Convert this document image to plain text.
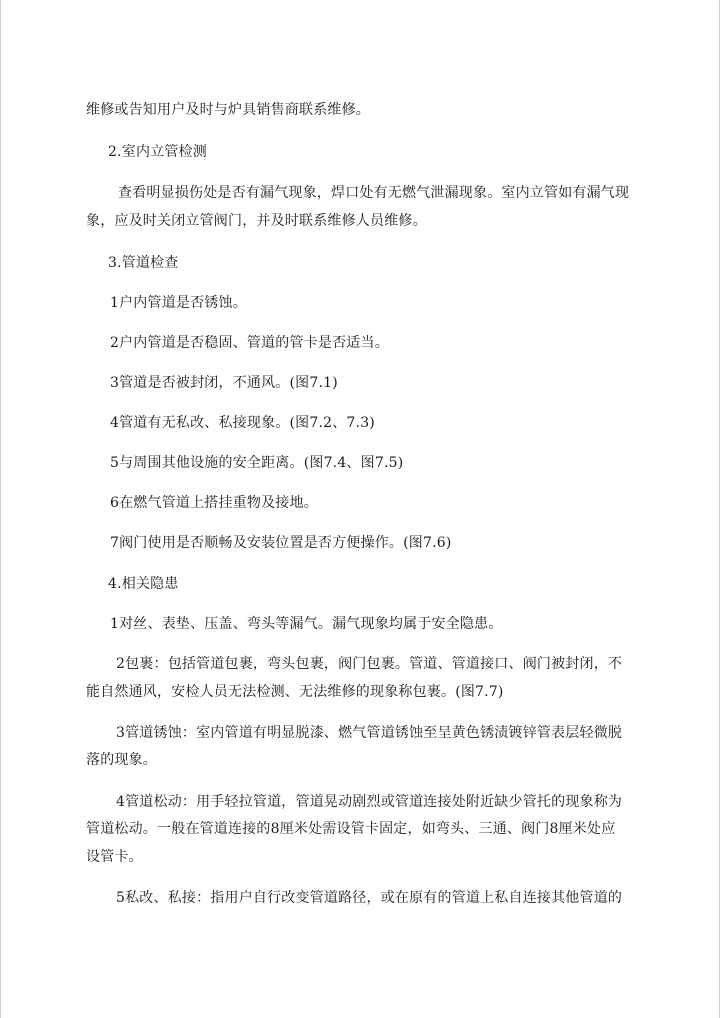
维修或告知用户及时与炉具销售商联系维修。
2.室内立管检测
查看明显损伤处是否有漏气现象，焊口处有无燃气泄漏现象。室内立管如有漏气现
象，应及时关闭立管阀门，并及时联系维修人员维修。
3.管道检查
1户内管道是否锈蚀。
2户内管道是否稳固、管道的管卡是否适当。
3管道是否被封闭，不通风。(图7.1)
4管道有无私改、私接现象。(图7.2、7.3)
5与周围其他设施的安全距离。(图7.4、图7.5)
6在燃气管道上搭挂重物及接地。
7阀门使用是否顺畅及安装位置是否方便操作。(图7.6)
4.相关隐患
1对丝、表垫、压盖、弯头等漏气。漏气现象均属于安全隐患。
2包裹：包括管道包裹，弯头包裹，阀门包裹。管道、管道接口、阀门被封闭，不
能自然通风，安检人员无法检测、无法维修的现象称包裹。(图7.7)
3管道锈蚀：室内管道有明显脱漆、燃气管道锈蚀至呈黄色锈渍镀锌管表层轻微脱
落的现象。
4管道松动：用手轻拉管道，管道晃动剧烈或管道连接处附近缺少管托的现象称为
管道松动。一般在管道连接的8厘米处需设管卡固定，如弯头、三通、阀门8厘米处应
设管卡。
5私改、私接：指用户自行改变管道路径，或在原有的管道上私自连接其他管道的
